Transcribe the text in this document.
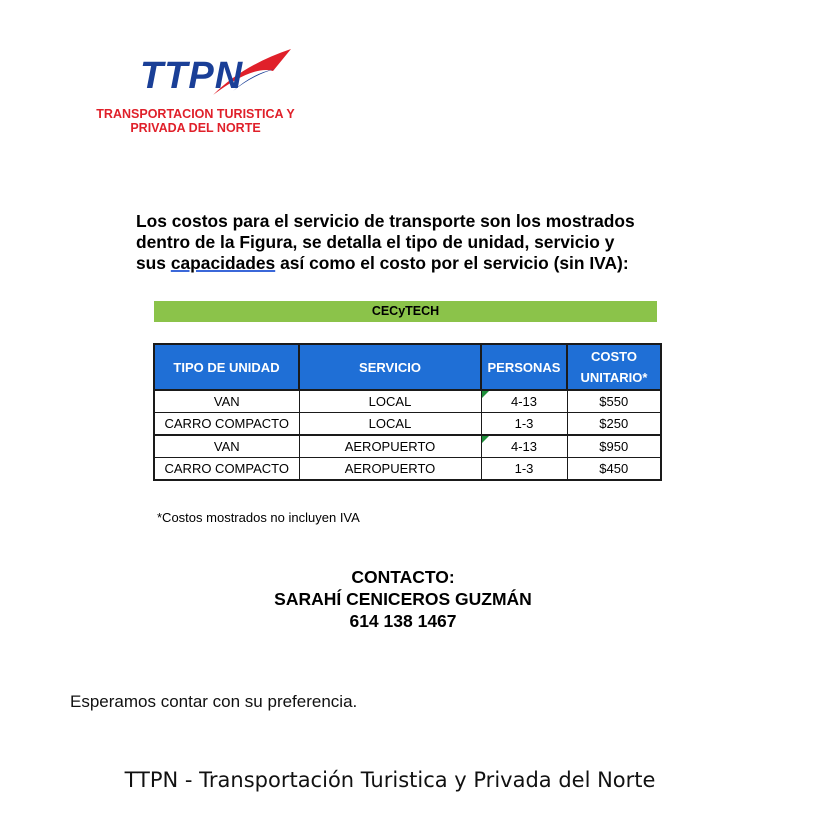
TTPN
TRANSPORTACION TURISTICA Y
PRIVADA DEL NORTE
Los costos para el servicio de transporte son los mostrados
dentro de la Figura, se detalla el tipo de unidad, servicio y
sus capacidades así como el costo por el servicio (sin IVA):
CECyTECH
TIPO DE UNIDAD	SERVICIO	PERSONAS	COSTO UNITARIO*
VAN	LOCAL	4-13	$550
CARRO COMPACTO	LOCAL	1-3	$250
VAN	AEROPUERTO	4-13	$950
CARRO COMPACTO	AEROPUERTO	1-3	$450
*Costos mostrados no incluyen IVA
CONTACTO:
SARAHÍ CENICEROS GUZMÁN
614 138 1467
Esperamos contar con su preferencia.
TTPN - Transportación Turistica y Privada del Norte
